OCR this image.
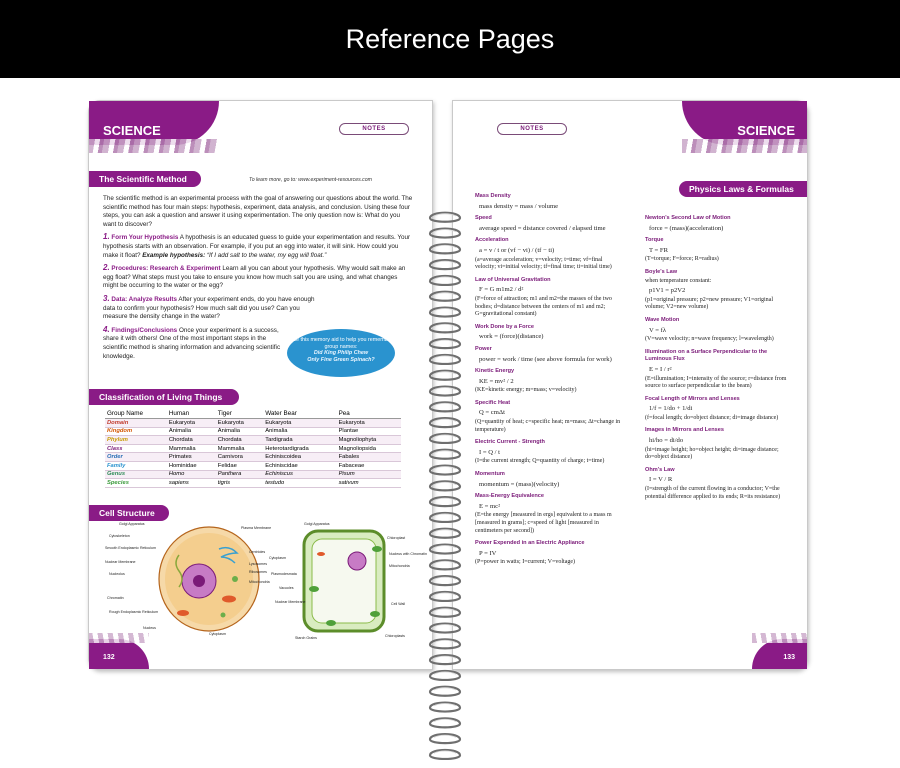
Reference Pages
SCIENCE	NOTES
The Scientific Method	To learn more, go to: www.experiment-resources.com

The scientific method is an experimental process with the goal of answering our questions about the world. The scientific method has four main steps: hypothesis, experiment, data analysis, and conclusion. Using these four steps, you can ask a question and answer it using experimentation. The only question now is: What do you want to discover?

1. Form Your Hypothesis A hypothesis is an educated guess to guide your experimentation and results. Your hypothesis starts with an observation. For example, if you put an egg into water, it will sink. How could you make it float? Example hypothesis: “If I add salt to the water, my egg will float.”

2. Procedures: Research & Experiment Learn all you can about your hypothesis. Why would salt make an egg float? What steps must you take to ensure you know how much salt you are using, and what changes might be occurring to the water or the egg?

3. Data: Analyze Results After your experiment ends, do you have enough data to confirm your hypothesis? How much salt did you use? Can you measure the density change in the water?

4. Findings/Conclusions Once your experiment is a success, share it with others! One of the most important steps in the scientific method is sharing information and advancing scientific knowledge.

Use this memory aid to help you remember group names:
Did King Philip Chew
Only Fine Green Spinach?
Classification of Living Things
Group Name	Human	Tiger	Water Bear	Pea
Domain	Eukaryota	Eukaryota	Eukaryota	Eukaryota
Kingdom	Animalia	Animalia	Animalia	Plantae
Phylum	Chordata	Chordata	Tardigrada	Magnoliophyta
Class	Mammalia	Mammalia	Heterotardigrada	Magnoliopsida
Order	Primates	Carnivora	Echiniscoidea	Fabales
Family	Hominidae	Felidae	Echiniscidae	Fabaceae
Genus	Homo	Panthera	Echiniscus	Pisum
Species	sapiens	tigris	testudo	sativum
Cell Structure
Golgi Apparatus
Cytoskeleton
Smooth Endoplasmic Reticulum
Nuclear Membrane
Nucleolus
Chromatin
Rough Endoplasmic Reticulum
Nucleus
Plasma Membrane
Centrioles
Lysosomes
Ribosomes
Mitochondria
Cytoplasm
Golgi Apparatus
Cytoplasm
Plasmodesmata
Vacuoles
Nuclear Membrane
Starch Grains
Chloroplast
Nucleus with Chromatin
Mitochondria
Cell Wall
Chloroplasts
132
SCIENCE
NOTES
Physics Laws & Formulas
Mass Density
mass density = mass / volume
Speed
average speed = distance covered / elapsed time
Acceleration
a = v / t or (vf − vi) / (tf − ti)
(a=average acceleration; v=velocity; t=time; vf=final velocity; vi=initial velocity; tf=final time; ti=initial time)
Law of Universal Gravitation
F = G m1m2 / d²
(F=force of attraction; m1 and m2=the masses of the two bodies; d=distance between the centers of m1 and m2; G=gravitational constant)
Work Done by a Force
work = (force)(distance)
Power
power = work / time (see above formula for work)
Kinetic Energy
KE = mv² / 2
(KE=kinetic energy; m=mass; v=velocity)
Specific Heat
Q = cmΔt
(Q=quantity of heat; c=specific heat; m=mass; Δt=change in temperature)
Electric Current - Strength
I = Q / t
(I=the current strength; Q=quantity of charge; t=time)
Momentum
momentum = (mass)(velocity)
Mass-Energy Equivalence
E = mc²
(E=the energy [measured in ergs] equivalent to a mass m [measured in grams]; c=speed of light [measured in centimeters per second])
Power Expended in an Electric Appliance
P = IV
(P=power in watts; I=current; V=voltage)
Newton's Second Law of Motion
force = (mass)(acceleration)
Torque
T = FR
(T=torque; F=force; R=radius)
Boyle's Law
when temperature constant:
p1V1 = p2V2
(p1=original pressure; p2=new pressure; V1=original volume; V2=new volume)
Wave Motion
V = fλ
(V=wave velocity; n=wave frequency; l=wavelength)
Illumination on a Surface Perpendicular to the Luminous Flux
E = I / r²
(E=illumination; I=intensity of the source; r=distance from source to surface perpendicular to the beam)
Focal Length of Mirrors and Lenses
1/f = 1/do + 1/di
(f=focal length; do=object distance; di=image distance)
Images in Mirrors and Lenses
hi/ho = di/do
(hi=image height; ho=object height; di=image distance; do=object distance)
Ohm's Law
I = V / R
(I=strength of the current flowing in a conductor; V=the potential difference applied to its ends; R=its resistance)
133
